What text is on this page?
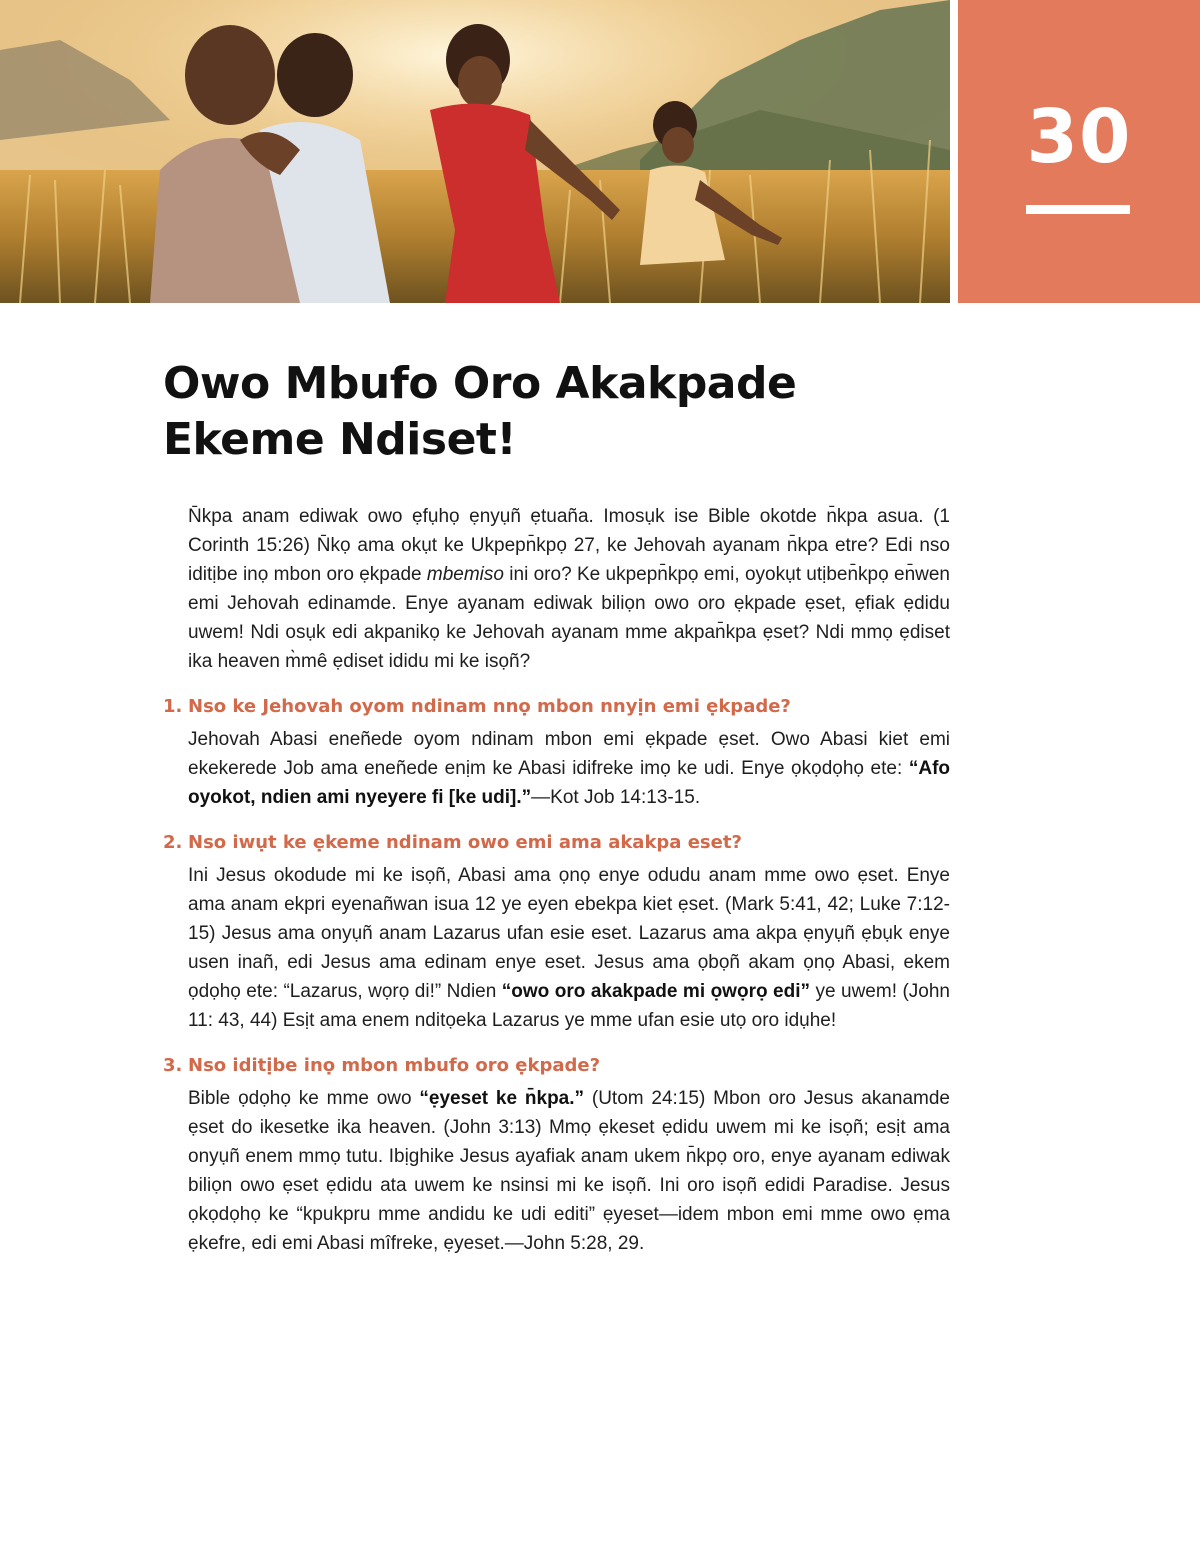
30
Owo Mbufo Oro Akakpade
Ekeme Ndiset!

N̄kpa anam ediwak owo ẹfụhọ ẹnyụñ ẹtuaña. Imosụk ise Bible okotde n̄kpa asua. (1 Corinth 15:26) N̄kọ ama okụt ke Ukpepn̄kpọ 27, ke Jehovah ayanam n̄kpa etre? Edi nso iditịbe inọ mbon oro ẹkpade mbemiso ini oro? Ke ukpepn̄kpọ emi, oyokụt utịben̄kpọ en̄wen emi Jehovah edinamde. Enye ayanam ediwak biliọn owo oro ẹkpade ẹset, ẹfiak ẹdidu uwem! Ndi osụk edi akpanikọ ke Jehovah ayanam mme akpan̄kpa ẹset? Ndi mmọ ẹdiset ika heaven m̀mê ẹdiset ididu mi ke isọñ?

1. Nso ke Jehovah oyom ndinam nnọ mbon nnyịn emi ẹkpade?

Jehovah Abasi eneñede oyom ndinam mbon emi ẹkpade ẹset. Owo Abasi kiet emi ekekerede Job ama eneñede enịm ke Abasi idifreke imọ ke udi. Enye ọkọdọhọ ete: “Afo oyokot, ndien ami nyeyere fi [ke udi].”—Kot Job 14:13-15.

2. Nso iwụt ke ẹkeme ndinam owo emi ama akakpa eset?

Ini Jesus okodude mi ke isọñ, Abasi ama ọnọ enye odudu anam mme owo ẹset. Enye ama anam ekpri eyenañwan isua 12 ye eyen ebekpa kiet ẹset. (Mark 5:41, 42; Luke 7:12-15) Jesus ama onyụñ anam Lazarus ufan esie eset. Lazarus ama akpa ẹnyụñ ẹbụk enye usen inañ, edi Jesus ama edinam enye eset. Jesus ama ọbọñ akam ọnọ Abasi, ekem ọdọhọ ete: “Lazarus, wọrọ di!” Ndien “owo oro akakpade mi ọwọrọ edi” ye uwem! (John 11: 43, 44) Esịt ama enem nditọeka Lazarus ye mme ufan esie utọ oro idụhe!

3. Nso iditịbe inọ mbon mbufo oro ẹkpade?

Bible ọdọhọ ke mme owo “ẹyeset ke n̄kpa.” (Utom 24:15) Mbon oro Jesus akanamde ẹset do ikesetke ika heaven. (John 3:13) Mmọ ẹkeset ẹdidu uwem mi ke isọñ; esịt ama onyụñ enem mmọ tutu. Ibịghike Jesus ayafiak anam ukem n̄kpọ oro, enye ayanam ediwak biliọn owo ẹset ẹdidu ata uwem ke nsinsi mi ke isọñ. Ini oro isọñ edidi Paradise. Jesus ọkọdọhọ ke “kpukpru mme andidu ke udi editi” ẹyeset—idem mbon emi mme owo ẹma ẹkefre, edi emi Abasi mîfreke, ẹyeset.—John 5:28, 29.
